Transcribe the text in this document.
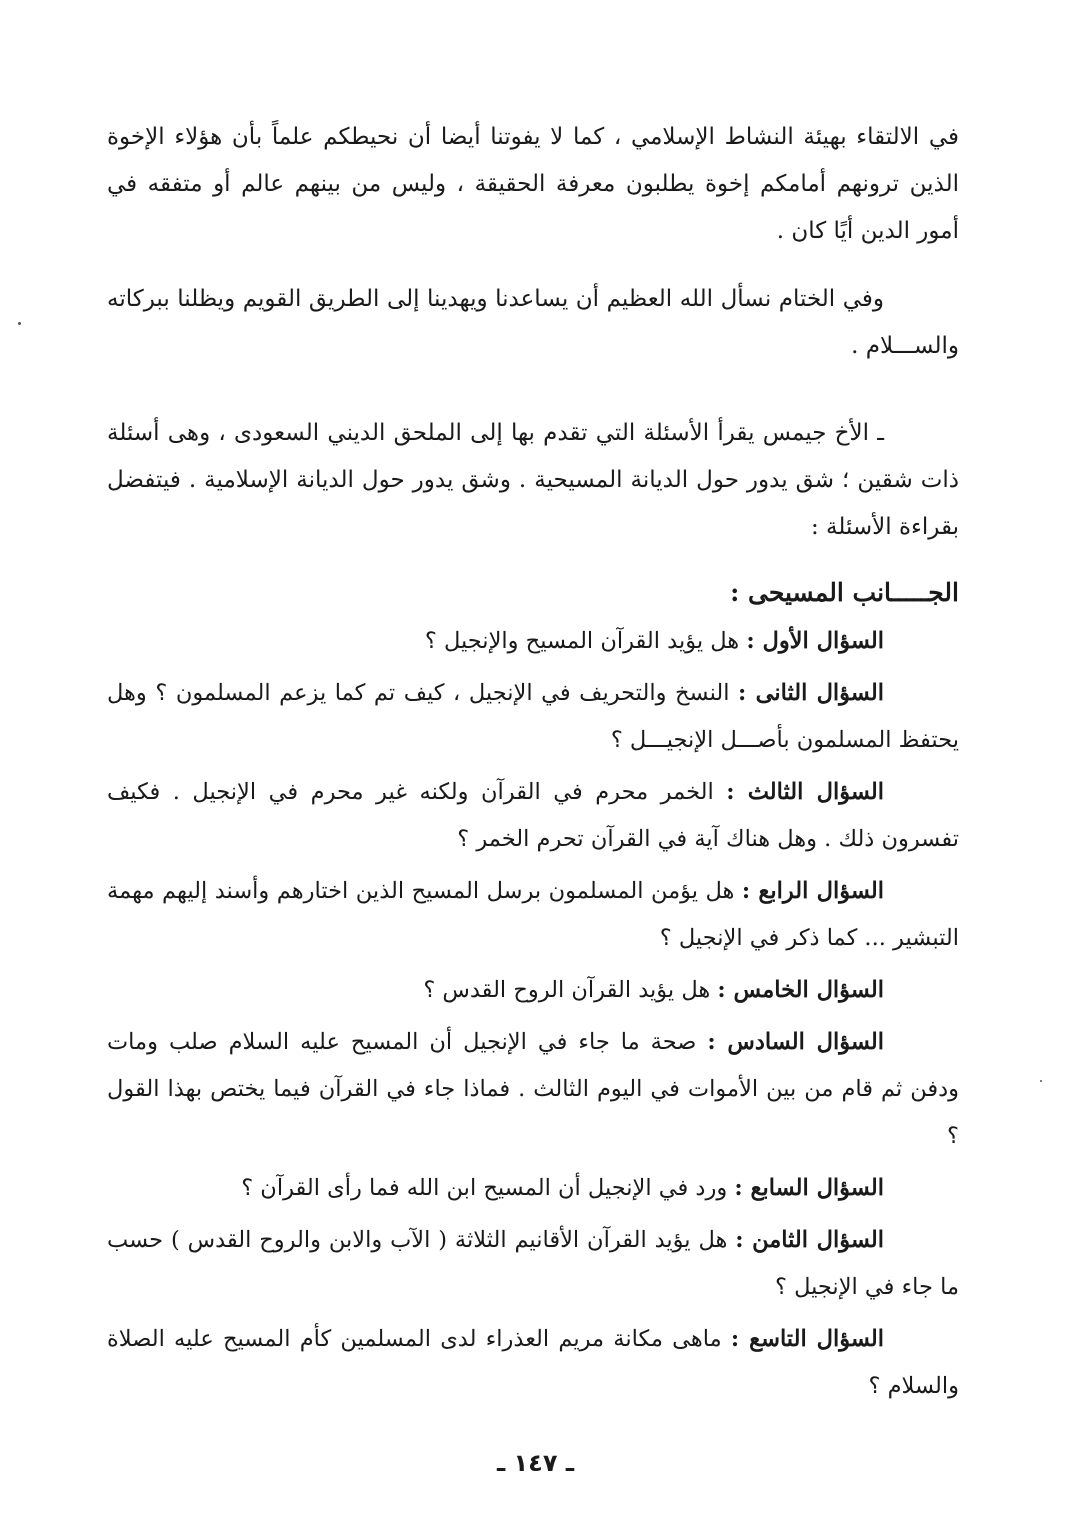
في الالتقاء بهيئة النشاط الإسلامي ، كما لا يفوتنا أيضا أن نحيطكم علماً بأن هؤلاء الإخوة الذين ترونهم أمامكم إخوة يطلبون معرفة الحقيقة ، وليس من بينهم عالم أو متفقه في أمور الدين أيًا كان .

وفي الختام نسأل الله العظيم أن يساعدنا ويهدينا إلى الطريق القويم ويظلنا ببركاته والســـلام .

ـ الأخ جيمس يقرأ الأسئلة التي تقدم بها إلى الملحق الديني السعودى ، وهى أسئلة ذات شقين ؛ شق يدور حول الديانة المسيحية . وشق يدور حول الديانة الإسلامية . فيتفضل بقراءة الأسئلة :

الجـــــانب المسيحى :
السؤال الأول : هل يؤيد القرآن المسيح والإنجيل ؟
السؤال الثانى : النسخ والتحريف في الإنجيل ، كيف تم كما يزعم المسلمون ؟ وهل يحتفظ المسلمون بأصـــل الإنجيـــل ؟
السؤال الثالث : الخمر محرم في القرآن ولكنه غير محرم في الإنجيل . فكيف تفسرون ذلك . وهل هناك آية في القرآن تحرم الخمر ؟
السؤال الرابع : هل يؤمن المسلمون برسل المسيح الذين اختارهم وأسند إليهم مهمة التبشير ... كما ذكر في الإنجيل ؟
السؤال الخامس : هل يؤيد القرآن الروح القدس ؟
السؤال السادس : صحة ما جاء في الإنجيل أن المسيح عليه السلام صلب ومات ودفن ثم قام من بين الأموات في اليوم الثالث . فماذا جاء في القرآن فيما يختص بهذا القول ؟
السؤال السابع : ورد في الإنجيل أن المسيح ابن الله فما رأى القرآن ؟
السؤال الثامن : هل يؤيد القرآن الأقانيم الثلاثة ( الآب والابن والروح القدس ) حسب ما جاء في الإنجيل ؟
السؤال التاسع : ماهى مكانة مريم العذراء لدى المسلمين كأم المسيح عليه الصلاة والسلام ؟
ـ ١٤٧ ـ
